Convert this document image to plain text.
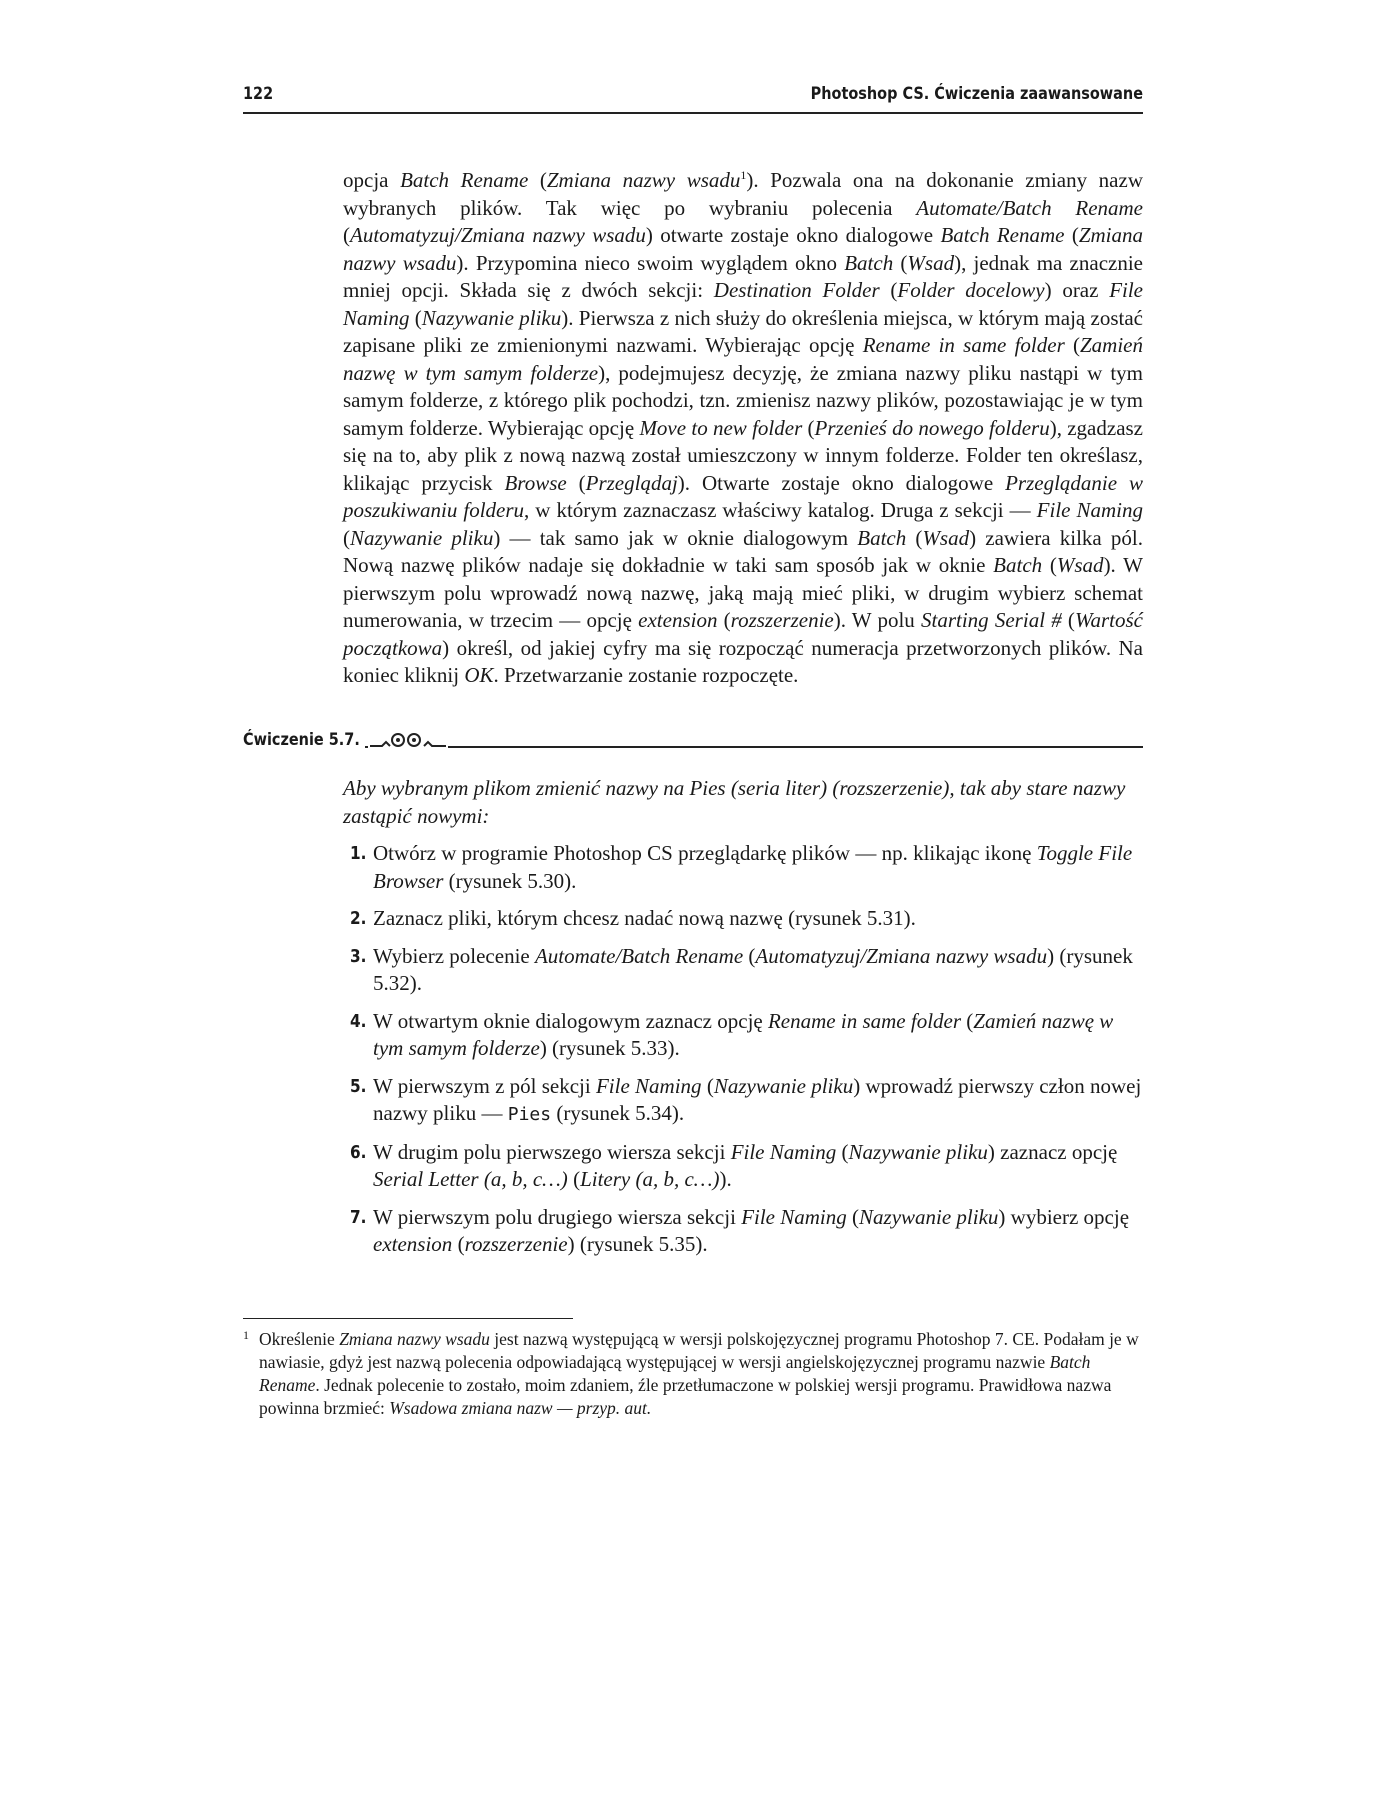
122	Photoshop CS. Ćwiczenia zaawansowane

opcja Batch Rename (Zmiana nazwy wsadu$^1$). Pozwala ona na dokonanie zmiany nazw wybranych plików. Tak więc po wybraniu polecenia Automate/Batch Rename (Automatyzuj/Zmiana nazwy wsadu) otwarte zostaje okno dialogowe Batch Rename (Zmiana nazwy wsadu). Przypomina nieco swoim wyglądem okno Batch (Wsad), jednak ma znacznie mniej opcji. Składa się z dwóch sekcji: Destination Folder (Folder docelowy) oraz File Naming (Nazywanie pliku). Pierwsza z nich służy do określenia miejsca, w którym mają zostać zapisane pliki ze zmienionymi nazwami. Wybierając opcję Rename in same folder (Zamień nazwę w tym samym folderze), podejmujesz decyzję, że zmiana nazwy pliku nastąpi w tym samym folderze, z którego plik pochodzi, tzn. zmienisz nazwy plików, pozostawiając je w tym samym folderze. Wybierając opcję Move to new folder (Przenieś do nowego folderu), zgadzasz się na to, aby plik z nową nazwą został umieszczony w innym folderze. Folder ten określasz, klikając przycisk Browse (Przeglądaj). Otwarte zostaje okno dialogowe Przeglądanie w poszukiwaniu folderu, w którym zaznaczasz właściwy katalog. Druga z sekcji — File Naming (Nazywanie pliku) — tak samo jak w oknie dialogowym Batch (Wsad) zawiera kilka pól. Nową nazwę plików nadaje się dokładnie w taki sam sposób jak w oknie Batch (Wsad). W pierwszym polu wprowadź nową nazwę, jaką mają mieć pliki, w drugim wybierz schemat numerowania, w trzecim — opcję extension (rozszerzenie). W polu Starting Serial # (Wartość początkowa) określ, od jakiej cyfry ma się rozpocząć numeracja przetworzonych plików. Na koniec kliknij OK. Przetwarzanie zostanie rozpoczęte.

Ćwiczenie 5.7.
Aby wybranym plikom zmienić nazwy na Pies (seria liter) (rozszerzenie), tak aby stare nazwy zastąpić nowymi:
1. Otwórz w programie Photoshop CS przeglądarkę plików — np. klikając ikonę Toggle File Browser (rysunek 5.30).
2. Zaznacz pliki, którym chcesz nadać nową nazwę (rysunek 5.31).
3. Wybierz polecenie Automate/Batch Rename (Automatyzuj/Zmiana nazwy wsadu) (rysunek 5.32).
4. W otwartym oknie dialogowym zaznacz opcję Rename in same folder (Zamień nazwę w tym samym folderze) (rysunek 5.33).
5. W pierwszym z pól sekcji File Naming (Nazywanie pliku) wprowadź pierwszy człon nowej nazwy pliku — Pies (rysunek 5.34).
6. W drugim polu pierwszego wiersza sekcji File Naming (Nazywanie pliku) zaznacz opcję Serial Letter (a, b, c…) (Litery (a, b, c…)).
7. W pierwszym polu drugiego wiersza sekcji File Naming (Nazywanie pliku) wybierz opcję extension (rozszerzenie) (rysunek 5.35).
1 Określenie Zmiana nazwy wsadu jest nazwą występującą w wersji polskojęzycznej programu Photoshop 7. CE. Podałam je w nawiasie, gdyż jest nazwą polecenia odpowiadającą występującej w wersji angielskojęzycznej programu nazwie Batch Rename. Jednak polecenie to zostało, moim zdaniem, źle przetłumaczone w polskiej wersji programu. Prawidłowa nazwa powinna brzmieć: Wsadowa zmiana nazw — przyp. aut.
